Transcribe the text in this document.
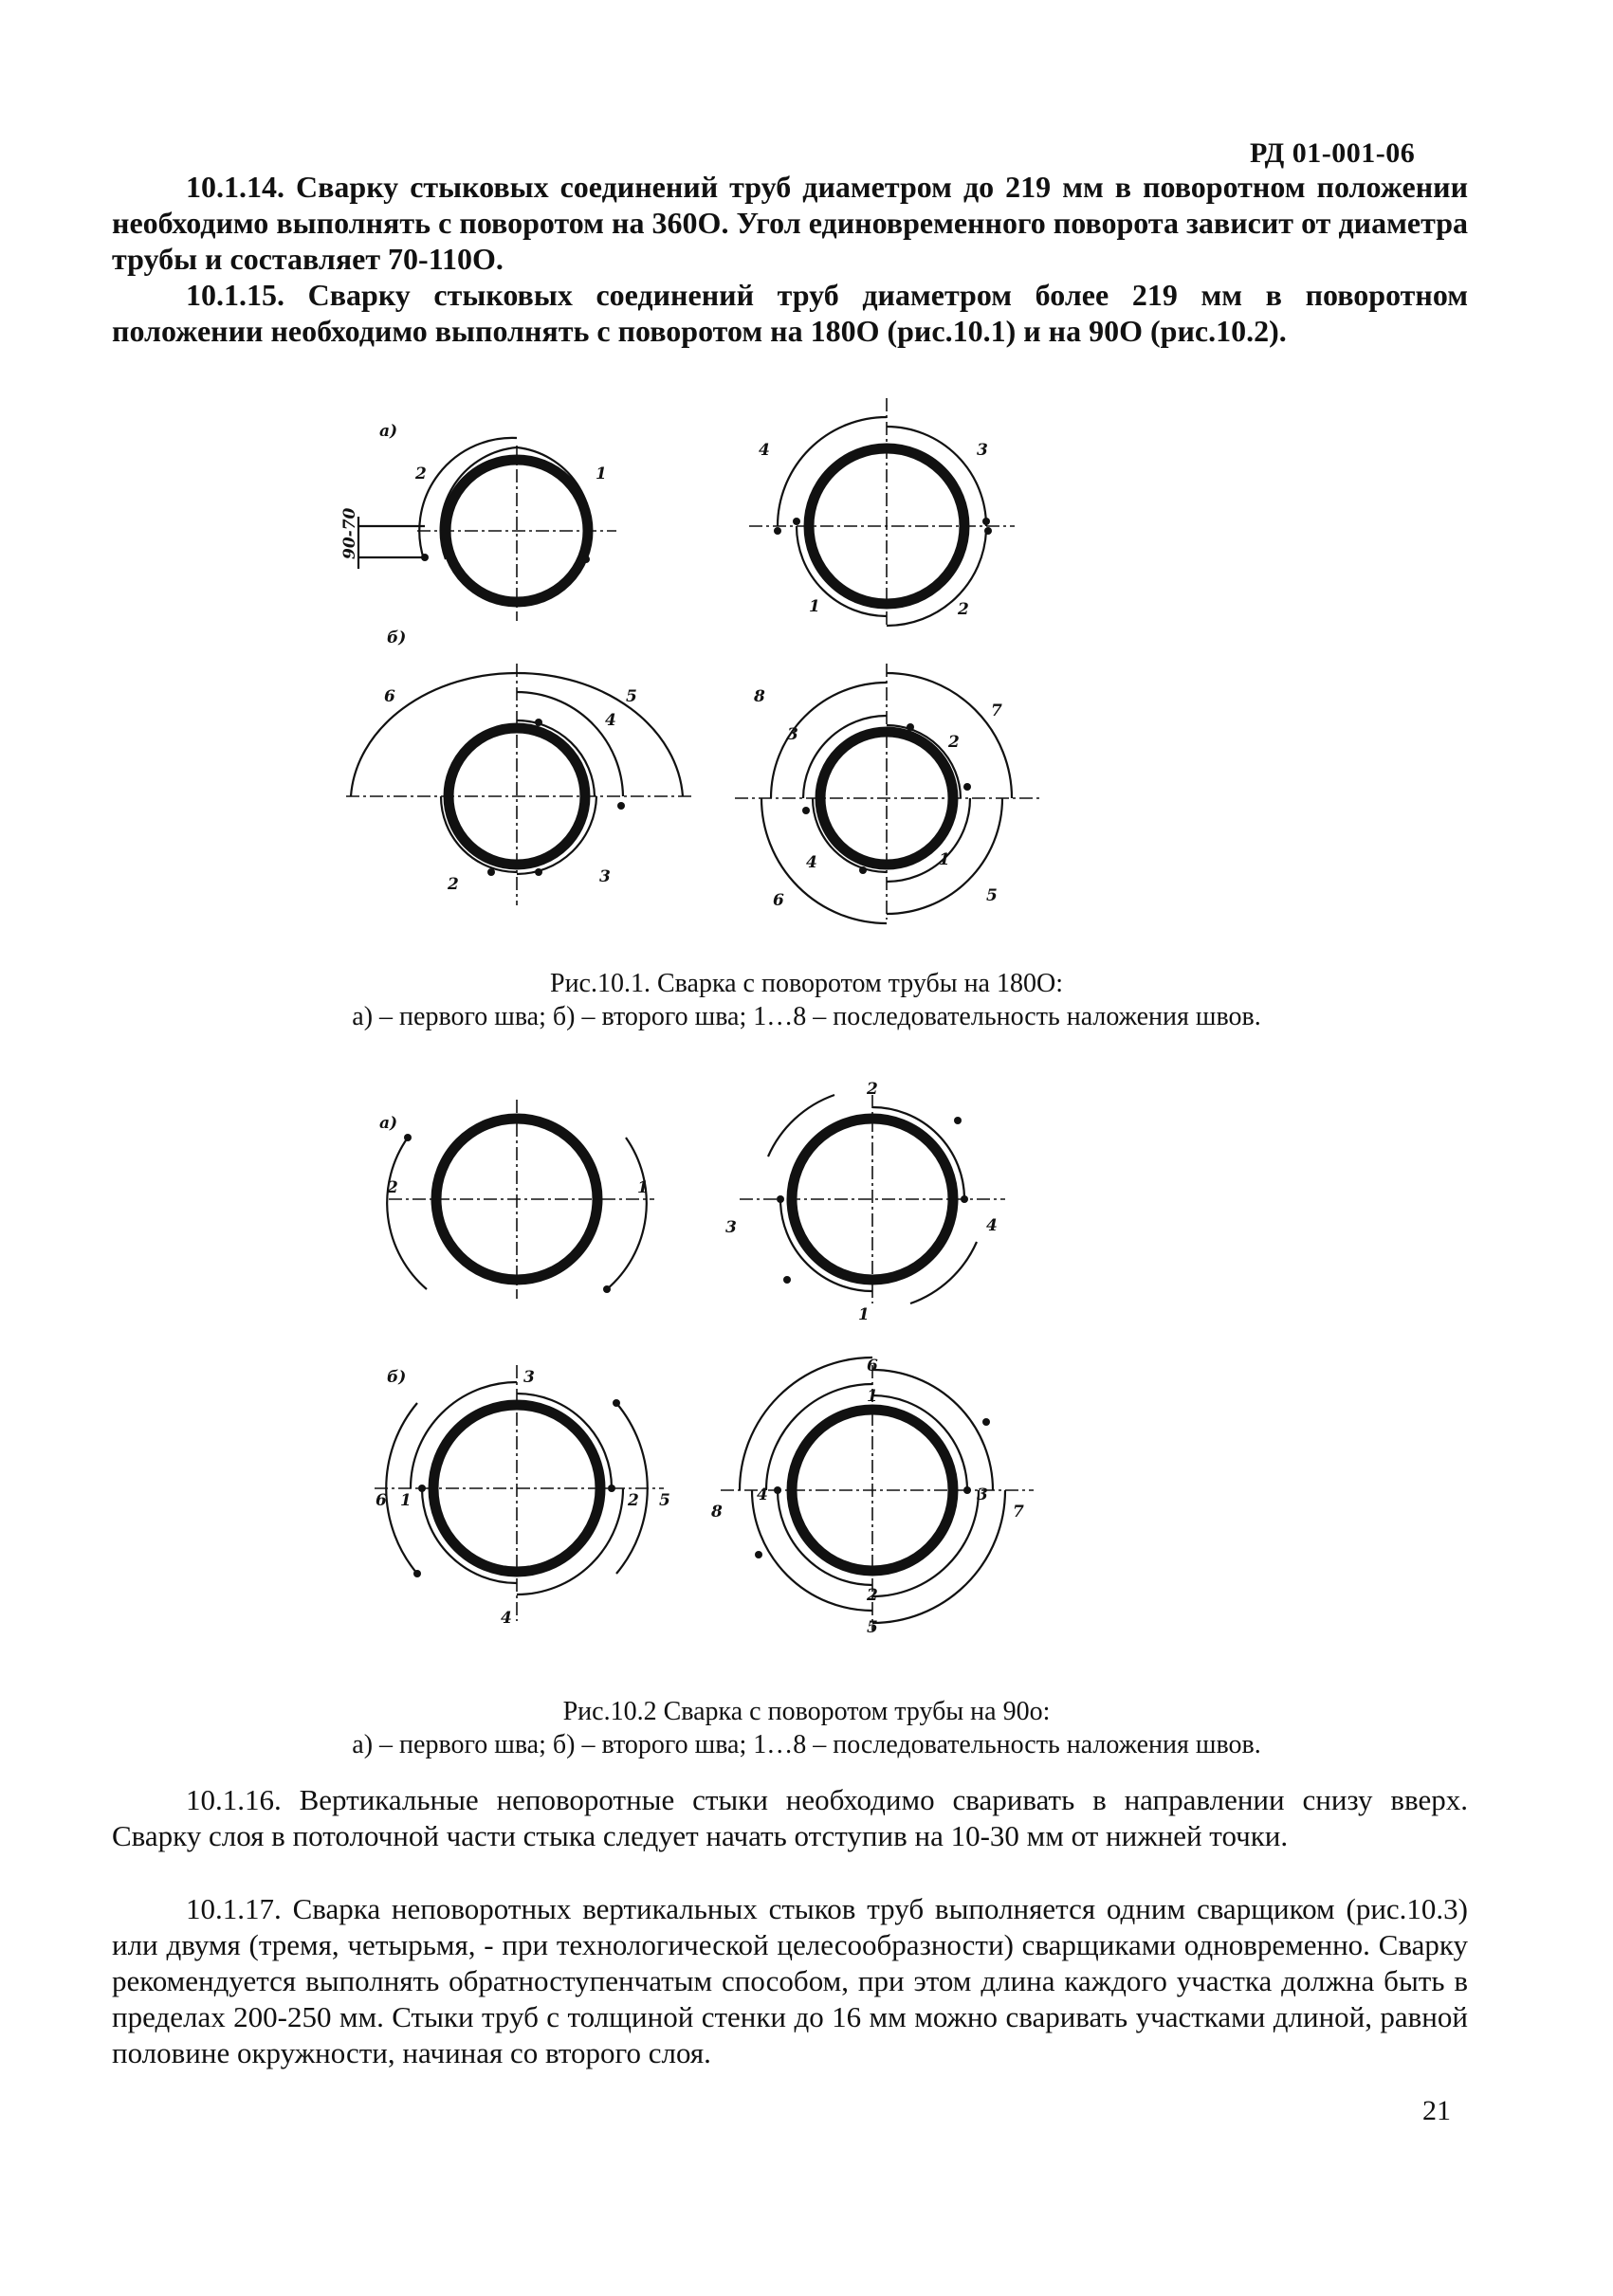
РД 01-001-06
10.1.14. Сварку стыковых соединений труб диаметром до 219 мм в поворотном положении необходимо выполнять с поворотом на 360О. Угол единовременного поворота зависит от диаметра трубы и составляет 70-110О.
10.1.15. Сварку стыковых соединений труб диаметром более 219 мм в поворотном положении необходимо выполнять с поворотом на 180О (рис.10.1) и на 90О (рис.10.2).
а)
90-70
1
2
1	2
3
4
б)
2	3
4
5
6
1
2
3
4
5
6
7
8
Рис.10.1. Сварка с поворотом трубы на 180О:
а) – первого шва; б) – второго шва; 1…8 – последовательность наложения швов.
а)
1
2
1
2
3	4
б)
1	2
3
4
5
6
1
2
3
4
5
6
7
8
Рис.10.2 Сварка с поворотом трубы на 90о:
а) – первого шва; б) – второго шва; 1…8 – последовательность наложения швов.
10.1.16. Вертикальные неповоротные стыки необходимо сваривать в направлении снизу вверх. Сварку слоя в потолочной части стыка следует начать отступив на 10-30 мм от нижней точки.
10.1.17. Сварка неповоротных вертикальных стыков труб выполняется одним сварщиком (рис.10.3) или двумя (тремя, четырьмя, - при технологической целесообразности) сварщиками одновременно. Сварку рекомендуется выполнять обратноступенчатым способом, при этом длина каждого участка должна быть в пределах 200-250 мм. Стыки труб с толщиной стенки до 16 мм можно сваривать участками длиной, равной половине окружности, начиная со второго слоя.
21
